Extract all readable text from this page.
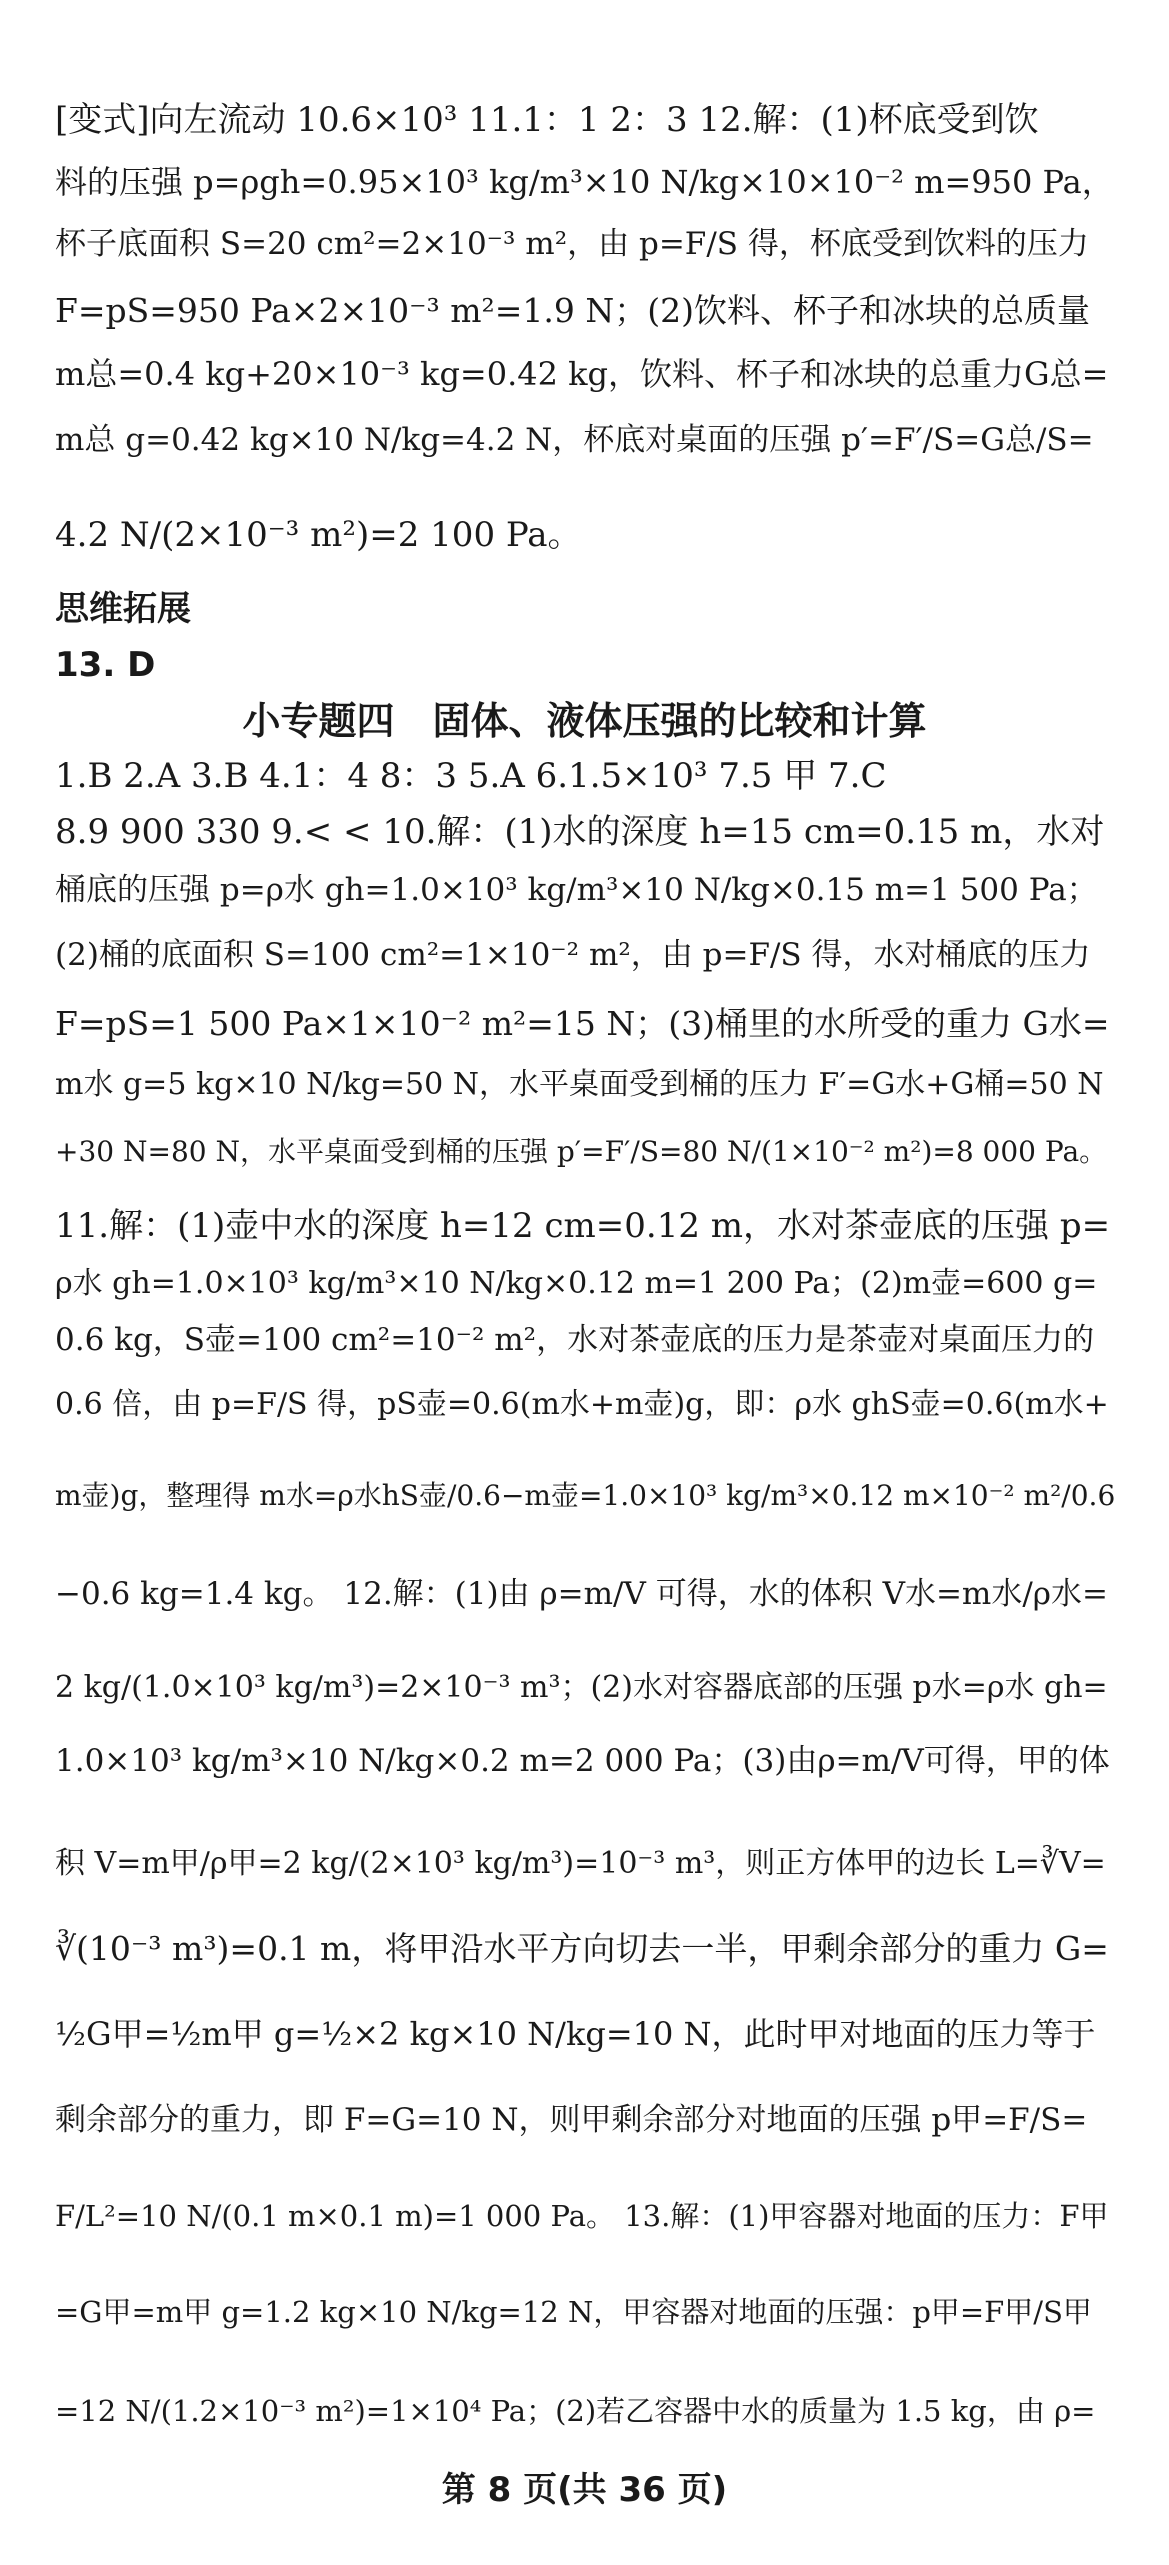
[变式]向左流动 10.6×10³ 11.1：1 2：3 12.解：(1)杯底受到饮
料的压强 p=ρgh=0.95×10³ kg/m³×10 N/kg×10×10⁻² m=950 Pa，
杯子底面积 S=20 cm²=2×10⁻³ m²，由 p=F/S 得，杯底受到饮料的压力
F=pS=950 Pa×2×10⁻³ m²=1.9 N；(2)饮料、杯子和冰块的总质量
m总=0.4 kg+20×10⁻³ kg=0.42 kg，饮料、杯子和冰块的总重力G总=
m总 g=0.42 kg×10 N/kg=4.2 N，杯底对桌面的压强 p′=F′/S=G总/S=
4.2 N/(2×10⁻³ m²)=2 100 Pa。
思维拓展
13. D
小专题四　固体、液体压强的比较和计算
1.B 2.A 3.B 4.1：4 8：3 5.A 6.1.5×10³ 7.5 甲 7.C
8.9 900 330 9.< < 10.解：(1)水的深度 h=15 cm=0.15 m，水对
桶底的压强 p=ρ水 gh=1.0×10³ kg/m³×10 N/kg×0.15 m=1 500 Pa；
(2)桶的底面积 S=100 cm²=1×10⁻² m²，由 p=F/S 得，水对桶底的压力
F=pS=1 500 Pa×1×10⁻² m²=15 N；(3)桶里的水所受的重力 G水=
m水 g=5 kg×10 N/kg=50 N，水平桌面受到桶的压力 F′=G水+G桶=50 N
+30 N=80 N，水平桌面受到桶的压强 p′=F′/S=80 N/(1×10⁻² m²)=8 000 Pa。
11.解：(1)壶中水的深度 h=12 cm=0.12 m，水对茶壶底的压强 p=
ρ水 gh=1.0×10³ kg/m³×10 N/kg×0.12 m=1 200 Pa；(2)m壶=600 g=
0.6 kg，S壶=100 cm²=10⁻² m²，水对茶壶底的压力是茶壶对桌面压力的
0.6 倍，由 p=F/S 得，pS壶=0.6(m水+m壶)g，即：ρ水 ghS壶=0.6(m水+
m壶)g，整理得 m水=ρ水hS壶/0.6−m壶=1.0×10³ kg/m³×0.12 m×10⁻² m²/0.6
−0.6 kg=1.4 kg。 12.解：(1)由 ρ=m/V 可得，水的体积 V水=m水/ρ水=
2 kg/(1.0×10³ kg/m³)=2×10⁻³ m³；(2)水对容器底部的压强 p水=ρ水 gh=
1.0×10³ kg/m³×10 N/kg×0.2 m=2 000 Pa；(3)由ρ=m/V可得，甲的体
积 V=m甲/ρ甲=2 kg/(2×10³ kg/m³)=10⁻³ m³，则正方体甲的边长 L=∛V=
∛(10⁻³ m³)=0.1 m，将甲沿水平方向切去一半，甲剩余部分的重力 G=
½G甲=½m甲 g=½×2 kg×10 N/kg=10 N，此时甲对地面的压力等于
剩余部分的重力，即 F=G=10 N，则甲剩余部分对地面的压强 p甲=F/S=
F/L²=10 N/(0.1 m×0.1 m)=1 000 Pa。 13.解：(1)甲容器对地面的压力：F甲
=G甲=m甲 g=1.2 kg×10 N/kg=12 N，甲容器对地面的压强：p甲=F甲/S甲
=12 N/(1.2×10⁻³ m²)=1×10⁴ Pa；(2)若乙容器中水的质量为 1.5 kg，由 ρ=
第 8 页(共 36 页)
